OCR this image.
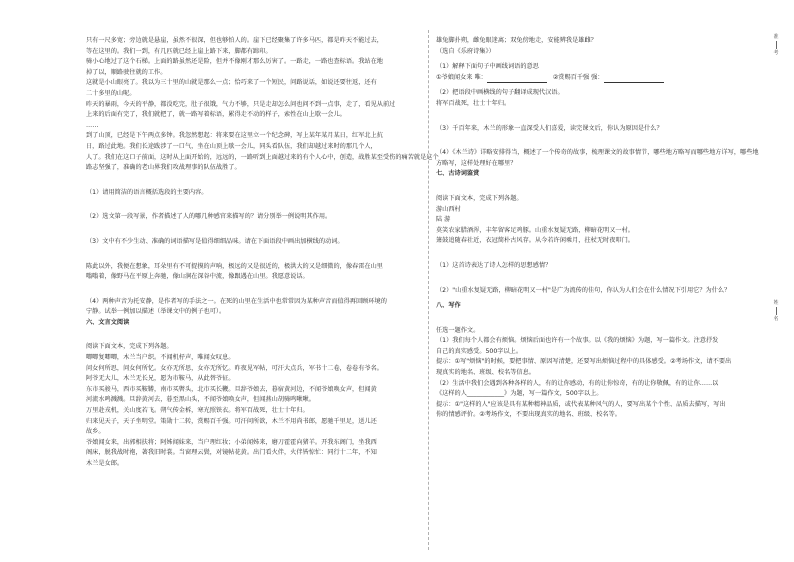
只有一尺多宽；旁边就是悬崖，虽然不很深，但也够怕人的。崖下已经聚集了许多马匹，都是昨天不能过去，
等在这里的。我们一到，有几匹就已经上崖上路下来，脚都有蹄印。
骑小心地过了这个石梯。上面的路虽然还是险，但并不像刚才那么厉害了。一路走，一路也查标语。我站在地
掉了以，顺路驶往就的工作。
这就是小山眼亮了。我以为三十里的山就是那么一点；恰巧来了一个短民，问路说话，如说还要往返，还有
二十多里的山呢。
昨天的暴雨，今天的平静，都没吃完，肚子很饿，气力不够，只是走却怎么问也问不到一点事，走了，看见从前过
上来的后面有完了，我们就把了，就一路写着标语，累得走不动的样子，索性在山上歇一会儿。
……
到了山顶，已经是下午两点多钟。我忽然想起：将来要在这里立一个纪念碑，写上某年某月某日，红军北上抗
日，路过此地。我们长途跋涉了一口气，坐在山顶上歇一会儿，同头看队伍，我们却越过来时的那几个人，
人了。我们在这口子前面，这时从上面开始的，远远的，一路听到上面越过来的有个人心中，创造，战胜某至受伤的痛苦就是这个
路志坚强了，准确的老山界我们攻战理事的队伍战胜了。
（1）请用简洁的语言概括选段的主要内容。
（2）选文第一段写景，作者描述了人的哪几种感官来描写的？请分别举一例说明其作用。
（3）文中有不少生动、准确的词语描写是值得细细品味。请在下面语段中画出加横线的动词。
陈此以外，我便在想象，耳朵里有不可捉摸的声响，极远的又是很近的，极洪大的又是细微的，像春雷在山里
嗡嗡着，像野马在平原上奔驰，像山涧在深谷中流，像跟遇在山里。我愿意说话。
（4）两种声音为托安静，是作者写的手法之一。在死的山里在生活中也常常因为某种声音而值得再回顾环境的
宁静。试举一例加以描述（举课文中的例子也可）。
六、文言文阅读
阅读下面文本，完成下列各题。
唧唧复唧唧，木兰当户织。不闻机杼声，唯闻女叹息。
问女何所思，问女何所忆。女亦无所思，女亦无所忆。昨夜见军帖，可汗大点兵，军书十二卷，卷卷有爷名。
阿爷无大儿，木兰无长兄，愿为市鞍马，从此替爷征。
东市买骏马，西市买鞍鞯，南市买辔头，北市买长鞭。旦辞爷娘去，暮宿黄河边，不闻爷娘唤女声，但闻黄
河流水鸣溅溅。旦辞黄河去，暮至黑山头，不闻爷娘唤女声，但闻燕山胡骑鸣啾啾。
万里赴戎机，关山度若飞。朔气传金柝，寒光照铁衣。将军百战死，壮士十年归。
归来见天子，天子坐明堂。策勋十二转，赏赐百千强。可汗问所欲，木兰不用尚书郎，愿驰千里足，送儿还
故乡。
爷娘闻女来，出郭相扶将；阿姊闻妹来，当户理红妆；小弟闻姊来，磨刀霍霍向猪羊。开我东阁门，坐我西
阁床，脱我战时袍，著我旧时裳。当窗理云鬓，对镜帖花黄。出门看火伴，火伴皆惊忙：同行十二年，不知
木兰是女郎。
雄兔脚扑朔，雌兔眼迷离；双兔傍地走，安能辨我是雄雌？
（选自《乐府诗集》）
（1）解释下面句子中画线词语的意思
①爷娘闻女来 唯：	②赏赐百千强 强：
（2）把语段中画横线的句子翻译成现代汉语。
将军百战死，壮士十年归。
（3）千百年来，木兰的形象一直深受人们喜爱，读完课文后，你认为原因是什么？
（4）《木兰诗》详略安排得当，概述了一个传奇的故事，梳理课文的故事情节，哪些地方略写而哪些地方详写，哪些地
方略写，这样处理好在哪里？
七、古诗词鉴赏
阅读下面文本，完成下列各题。
游山西村
陆 游
莫笑农家腊酒浑，丰年留客足鸡豚。山重水复疑无路，柳暗花明又一村。
箫鼓追随春社近，衣冠简朴古风存。从今若许闲乘月，拄杖无时夜叩门。
（1）这首诗表达了诗人怎样的思想感情？
（2）"山重水复疑无路，柳暗花明又一村"是广为流传的佳句，你认为人们会在什么情况下引用它？为什么？
八、写作
任选一题作文。
（1）我们每个人都会有烦恼。烦恼后面也许有一个故事。以《我的烦恼》为题，写一篇作文。注意抒发
自己的真实感受。500字以上。
提示：①写"烦恼"的时候，要把事情、原因写清楚，还要写出烦恼过程中的具体感受。②考场作文，请不要出
现真实的地名、班级、校名等信息。
（2）生活中我们会遇到各种各样的人，有的让你感动，有的让你惊奇，有的让你敬佩，有的让你……以
《这样的人____________》为题，写一篇作文，500字以上。
提示：①"这样的人"应该是具有某种精神品质，或代表某种风气的人，要写出某个个性、品质去描写，写出
你的情感评价。②考场作文，不要出现真实的地名、班级、校名等。
准
考
姓
名
